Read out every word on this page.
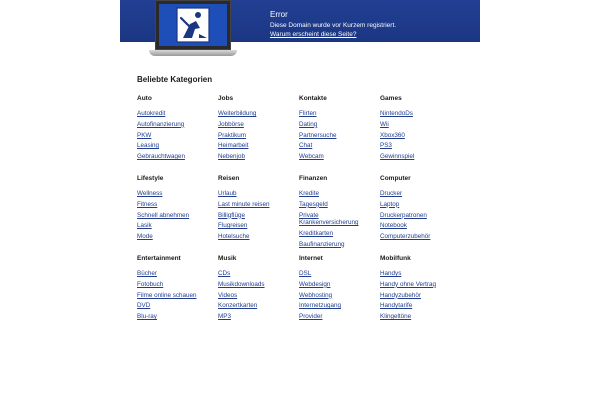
Error
Diese Domain wurde vor Kurzem registriert.
Warum erscheint diese Seite?
Beliebte Kategorien
Auto
Autokredit
Autofinanzierung
PKW
Leasing
Gebrauchtwagen
Jobs
Weiterbildung
Jobbörse
Praktikum
Heimarbeit
Nebenjob
Kontakte
Flirten
Dating
Partnersuche
Chat
Webcam
Games
NintendoDs
Wii
Xbox360
PS3
Gewinnspiel
Lifestyle
Wellness
Fitness
Schnell abnehmen
Lasik
Mode
Reisen
Urlaub
Last minute reisen
Billigflüge
Flugreisen
Hotelsuche
Finanzen
Kredite
Tagesgeld
Private Krankenversicherung
Kreditkarten
Baufinanzierung
Computer
Drucker
Laptop
Druckerpatronen
Notebook
Computerzubehör
Entertainment
Bücher
Fotobuch
Filme online schauen
DVD
Blu-ray
Musik
CDs
Musikdownloads
Videos
Konzertkarten
MP3
Internet
DSL
Webdesign
Webhosting
Internetzugang
Provider
Mobilfunk
Handys
Handy ohne Vertrag
Handyzubehör
Handytarife
Klingeltöne
